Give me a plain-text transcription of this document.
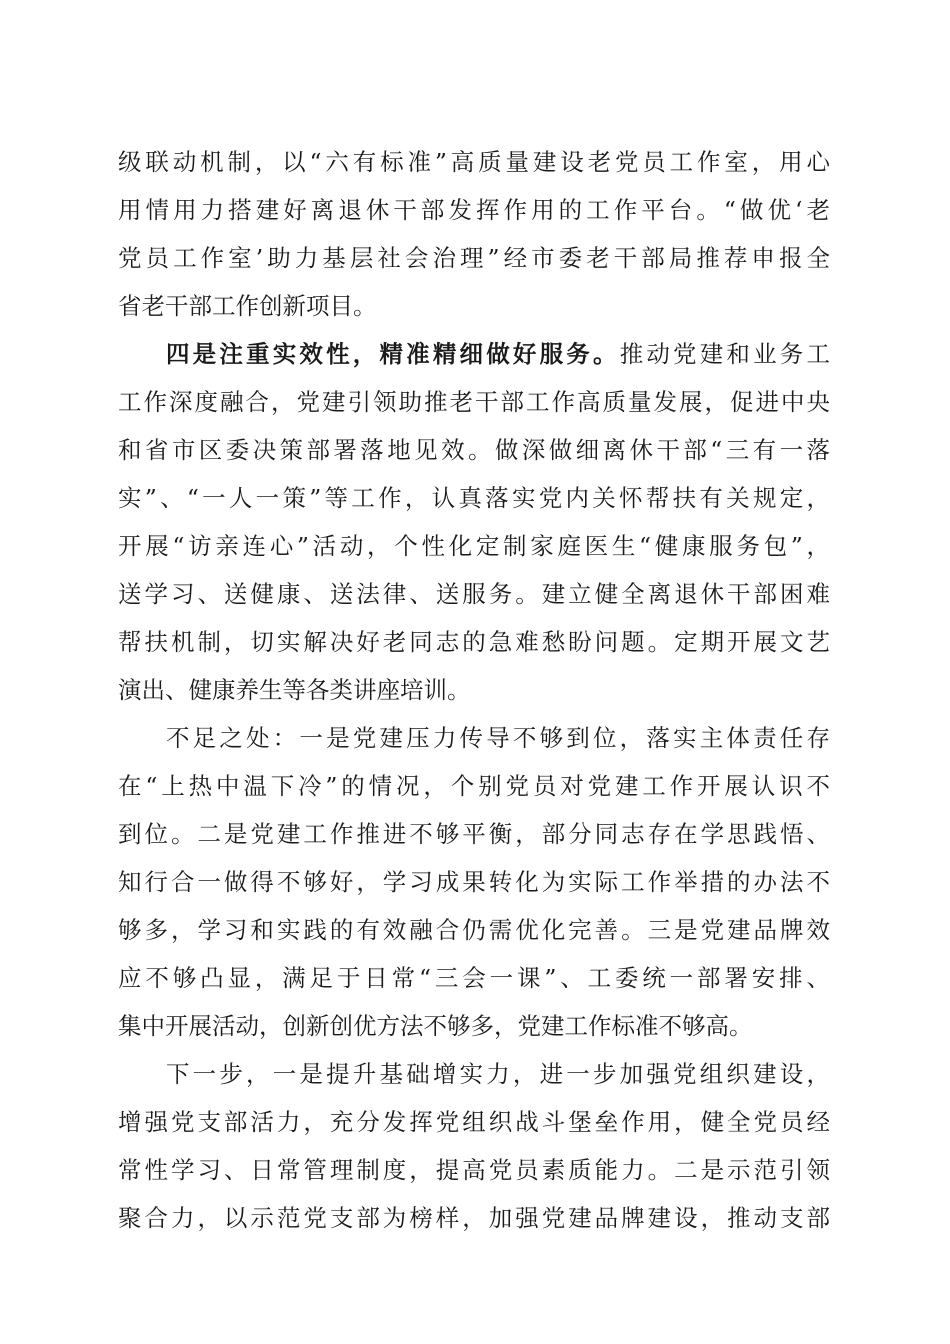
级联动机制，以“六有标准”高质量建设老党员工作室，用心
用情用力搭建好离退休干部发挥作用的工作平台。“做优‘老
党员工作室’助力基层社会治理”经市委老干部局推荐申报全
省老干部工作创新项目。
四是注重实效性，精准精细做好服务。推动党建和业务工
工作深度融合，党建引领助推老干部工作高质量发展，促进中央
和省市区委决策部署落地见效。做深做细离休干部“三有一落
实”、“一人一策”等工作，认真落实党内关怀帮扶有关规定，
开展“访亲连心”活动，个性化定制家庭医生“健康服务包”，
送学习、送健康、送法律、送服务。建立健全离退休干部困难
帮扶机制，切实解决好老同志的急难愁盼问题。定期开展文艺
演出、健康养生等各类讲座培训。
不足之处：一是党建压力传导不够到位，落实主体责任存
在“上热中温下冷”的情况，个别党员对党建工作开展认识不
到位。二是党建工作推进不够平衡，部分同志存在学思践悟、
知行合一做得不够好，学习成果转化为实际工作举措的办法不
够多，学习和实践的有效融合仍需优化完善。三是党建品牌效
应不够凸显，满足于日常“三会一课”、工委统一部署安排、
集中开展活动，创新创优方法不够多，党建工作标准不够高。
下一步，一是提升基础增实力，进一步加强党组织建设，
增强党支部活力，充分发挥党组织战斗堡垒作用，健全党员经
常性学习、日常管理制度，提高党员素质能力。二是示范引领
聚合力，以示范党支部为榜样，加强党建品牌建设，推动支部
